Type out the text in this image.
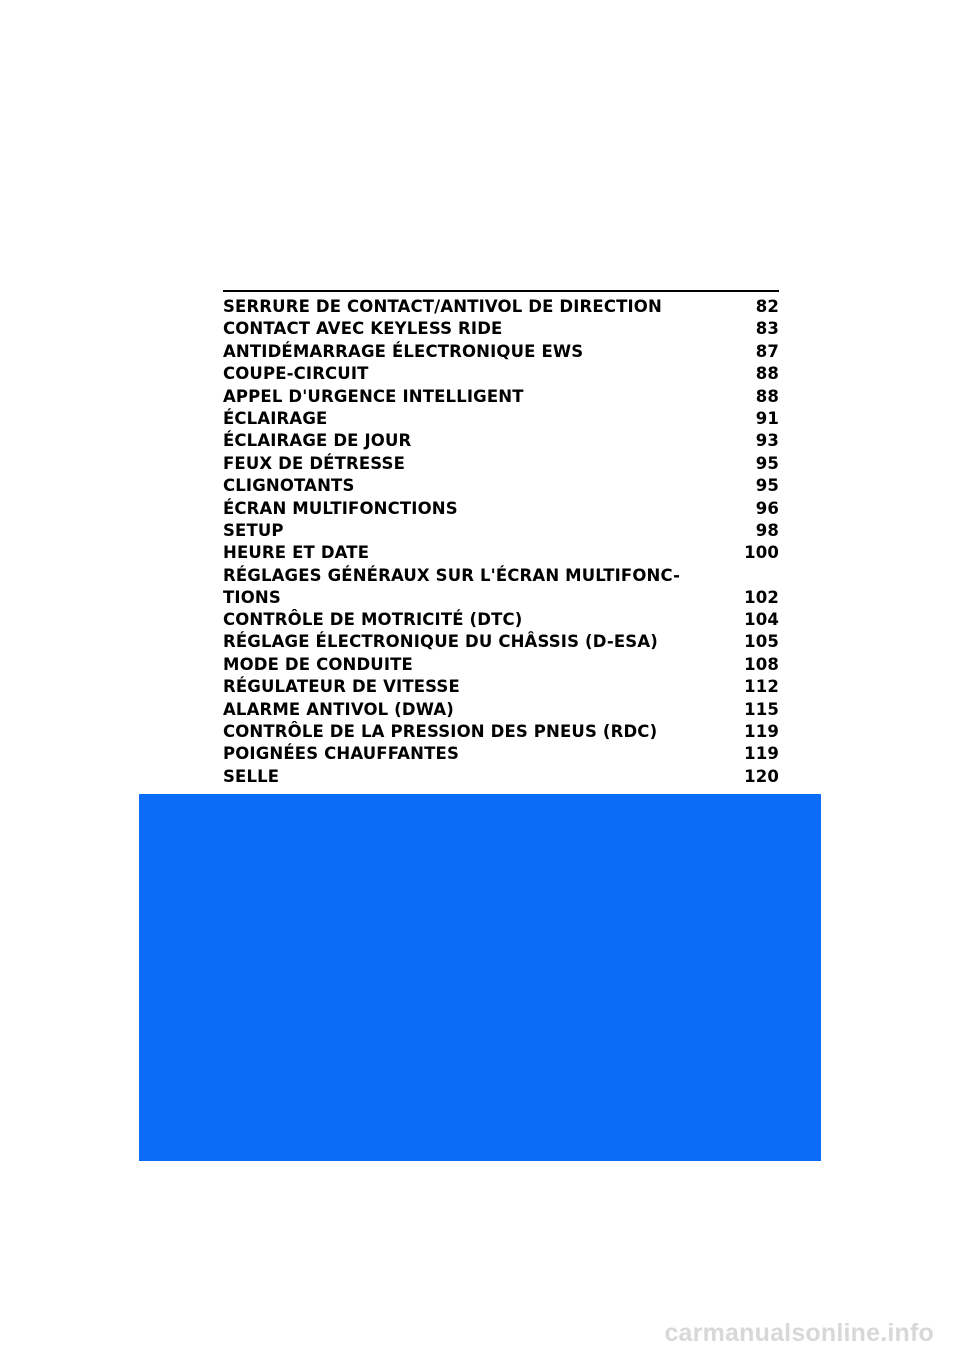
SERRURE DE CONTACT/ANTIVOL DE DIRECTION	82
CONTACT AVEC KEYLESS RIDE	83
ANTIDÉMARRAGE ÉLECTRONIQUE EWS	87
COUPE-CIRCUIT	88
APPEL D'URGENCE INTELLIGENT	88
ÉCLAIRAGE	91
ÉCLAIRAGE DE JOUR	93
FEUX DE DÉTRESSE	95
CLIGNOTANTS	95
ÉCRAN MULTIFONCTIONS	96
SETUP	98
HEURE ET DATE	100
RÉGLAGES GÉNÉRAUX SUR L'ÉCRAN MULTIFONC-
TIONS	102
CONTRÔLE DE MOTRICITÉ (DTC)	104
RÉGLAGE ÉLECTRONIQUE DU CHÂSSIS (D-ESA)	105
MODE DE CONDUITE	108
RÉGULATEUR DE VITESSE	112
ALARME ANTIVOL (DWA)	115
CONTRÔLE DE LA PRESSION DES PNEUS (RDC)	119
POIGNÉES CHAUFFANTES	119
SELLE	120
carmanualsonline.info
